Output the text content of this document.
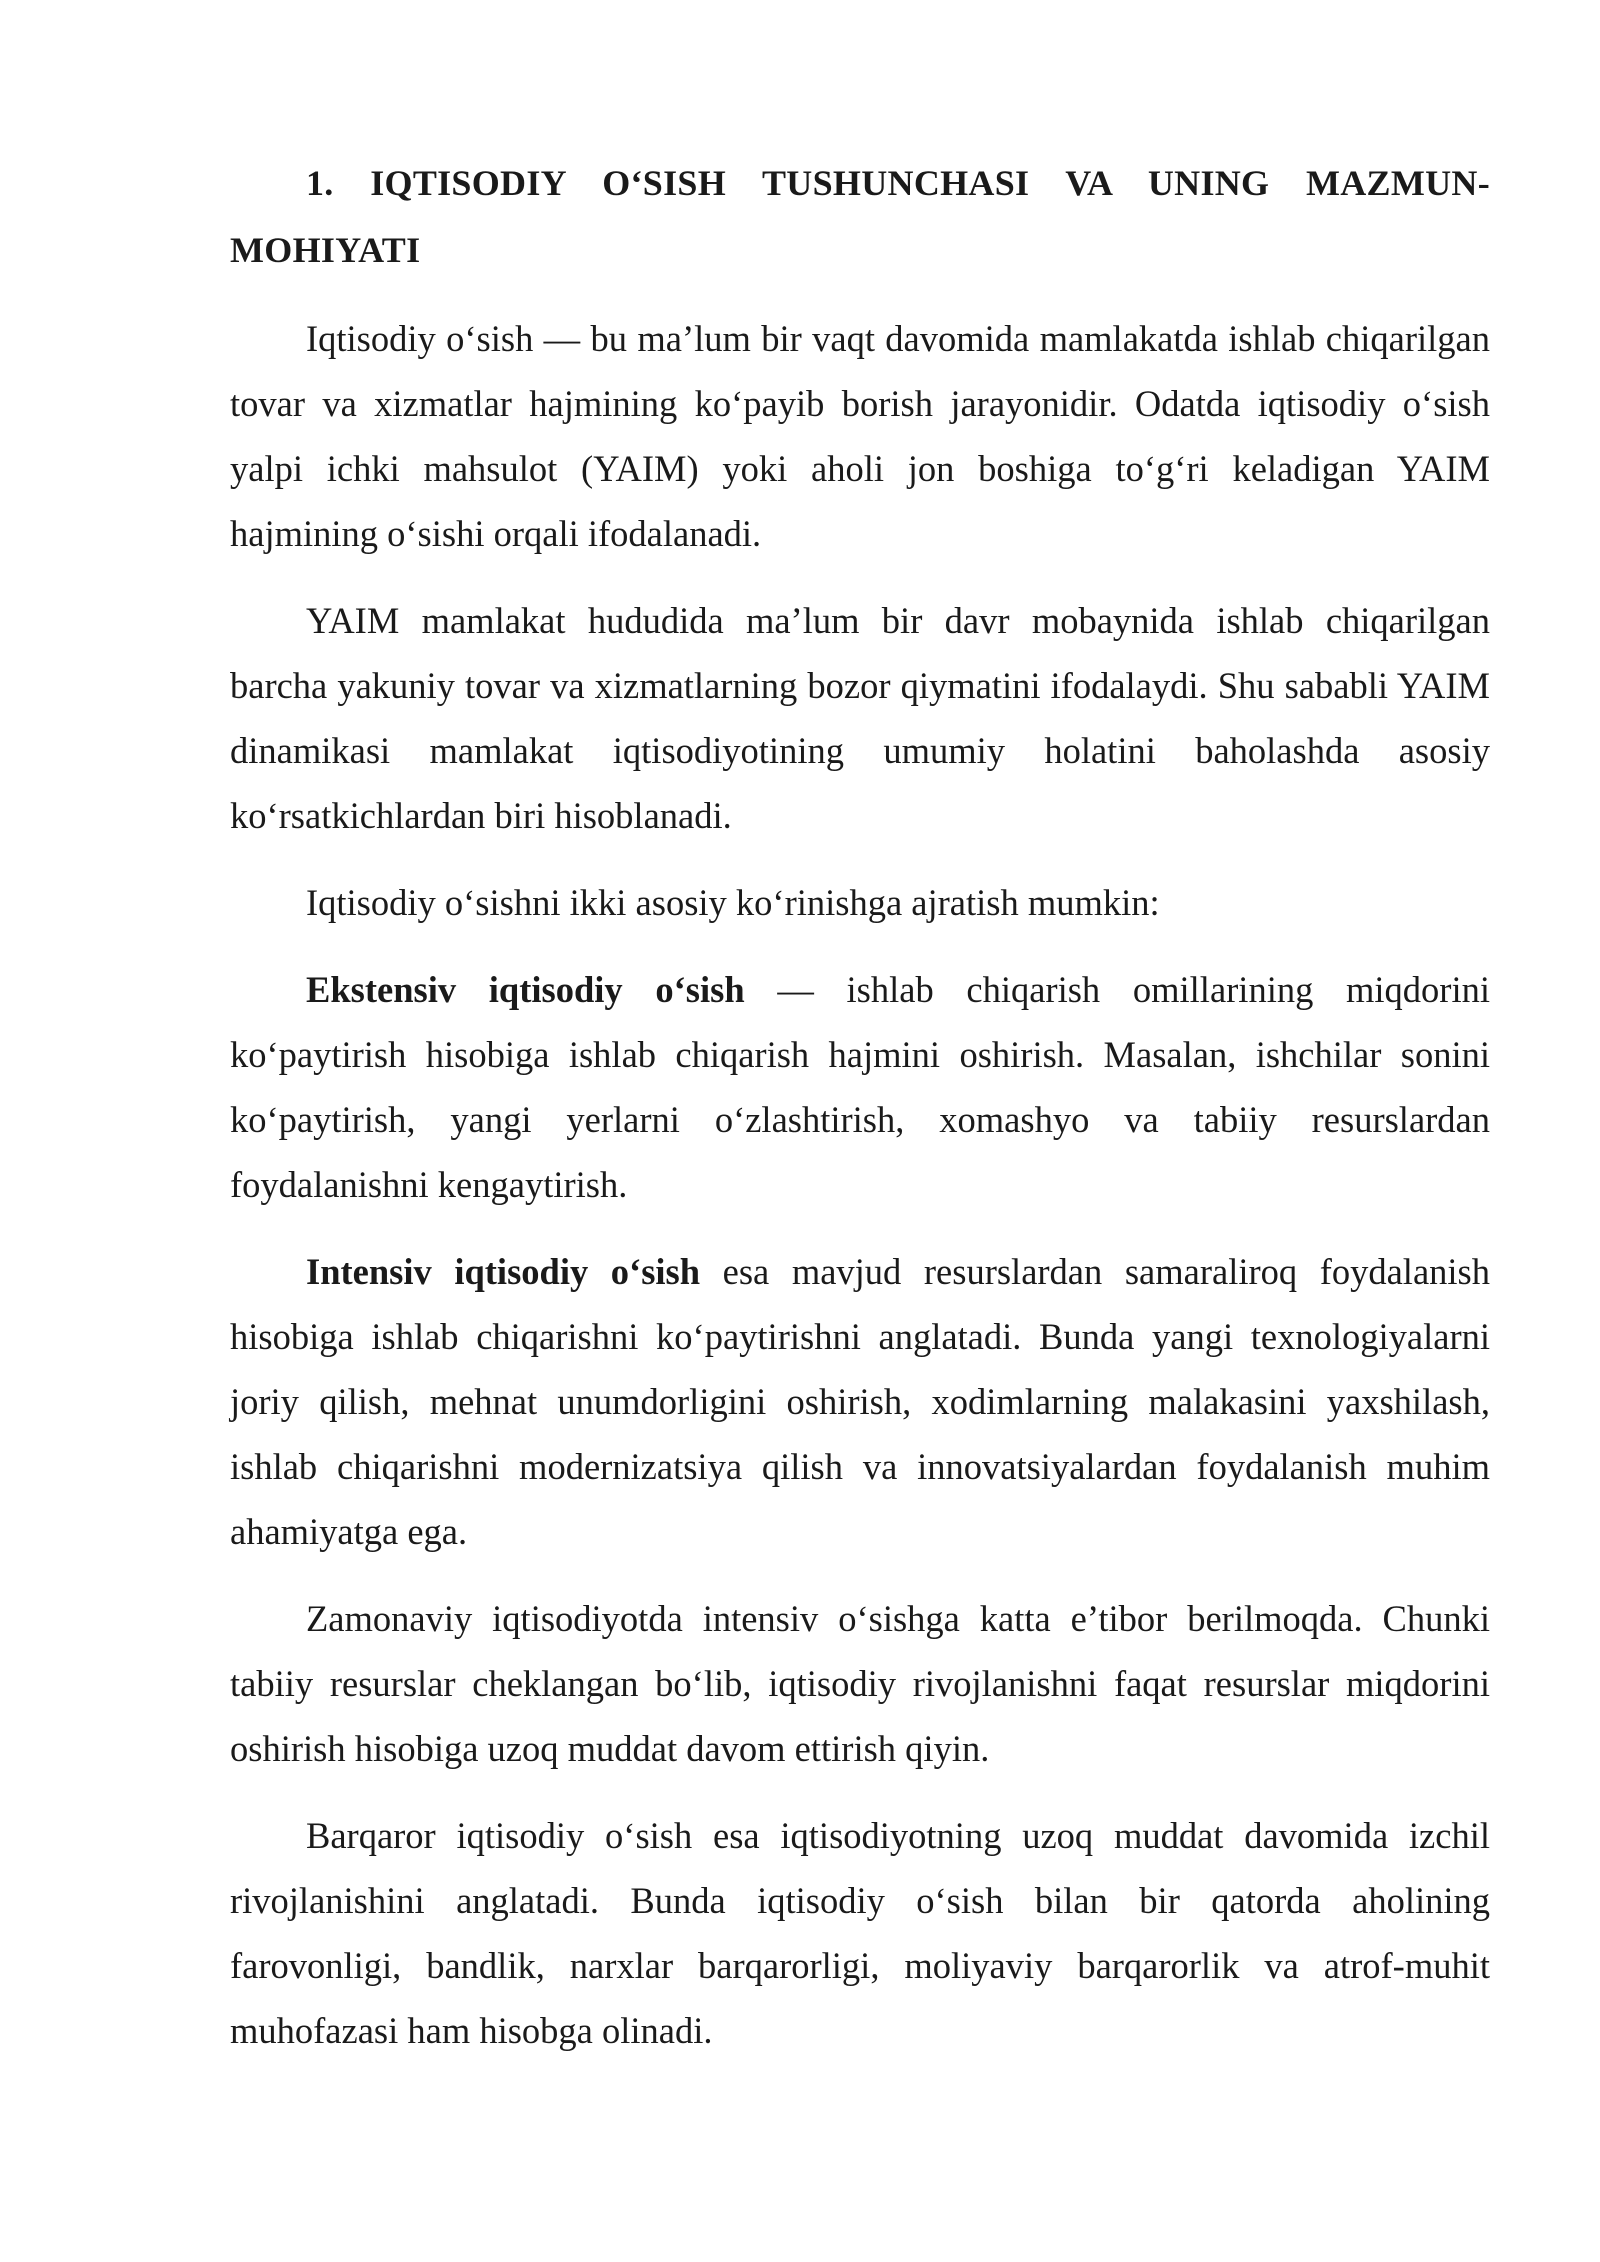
1. IQTISODIY O‘SISH TUSHUNCHASI VA UNING MAZMUN-MOHIYATI

Iqtisodiy o‘sish — bu ma’lum bir vaqt davomida mamlakatda ishlab chiqarilgan tovar va xizmatlar hajmining ko‘payib borish jarayonidir. Odatda iqtisodiy o‘sish yalpi ichki mahsulot (YAIM) yoki aholi jon boshiga to‘g‘ri keladigan YAIM hajmining o‘sishi orqali ifodalanadi.

YAIM mamlakat hududida ma’lum bir davr mobaynida ishlab chiqarilgan barcha yakuniy tovar va xizmatlarning bozor qiymatini ifodalaydi. Shu sababli YAIM dinamikasi mamlakat iqtisodiyotining umumiy holatini baholashda asosiy ko‘rsatkichlardan biri hisoblanadi.

Iqtisodiy o‘sishni ikki asosiy ko‘rinishga ajratish mumkin:

Ekstensiv iqtisodiy o‘sish — ishlab chiqarish omillarining miqdorini ko‘paytirish hisobiga ishlab chiqarish hajmini oshirish. Masalan, ishchilar sonini ko‘paytirish, yangi yerlarni o‘zlashtirish, xomashyo va tabiiy resurslardan foydalanishni kengaytirish.

Intensiv iqtisodiy o‘sish esa mavjud resurslardan samaraliroq foydalanish hisobiga ishlab chiqarishni ko‘paytirishni anglatadi. Bunda yangi texnologiyalarni joriy qilish, mehnat unumdorligini oshirish, xodimlarning malakasini yaxshilash, ishlab chiqarishni modernizatsiya qilish va innovatsiyalardan foydalanish muhim ahamiyatga ega.

Zamonaviy iqtisodiyotda intensiv o‘sishga katta e’tibor berilmoqda. Chunki tabiiy resurslar cheklangan bo‘lib, iqtisodiy rivojlanishni faqat resurslar miqdorini oshirish hisobiga uzoq muddat davom ettirish qiyin.

Barqaror iqtisodiy o‘sish esa iqtisodiyotning uzoq muddat davomida izchil rivojlanishini anglatadi. Bunda iqtisodiy o‘sish bilan bir qatorda aholining farovonligi, bandlik, narxlar barqarorligi, moliyaviy barqarorlik va atrof-muhit muhofazasi ham hisobga olinadi.
